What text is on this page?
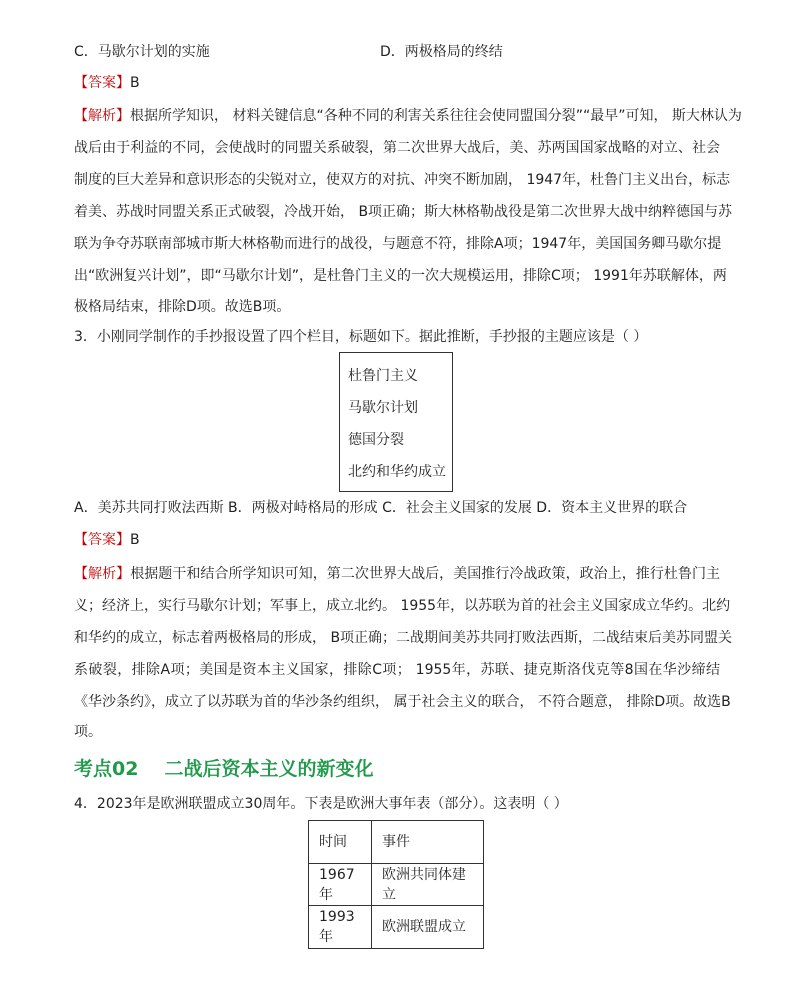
C．马歇尔计划的实施	D．两极格局的终结
【答案】B
【解析】根据所学知识， 材料关键信息“各种不同的利害关系往往会使同盟国分裂”“最早”可知， 斯大林认为
战后由于利益的不同，会使战时的同盟关系破裂，第二次世界大战后，美、苏两国国家战略的对立、社会
制度的巨大差异和意识形态的尖锐对立，使双方的对抗、冲突不断加剧， 1947年，杜鲁门主义出台，标志
着美、苏战时同盟关系正式破裂，冷战开始， B项正确；斯大林格勒战役是第二次世界大战中纳粹德国与苏
联为争夺苏联南部城市斯大林格勒而进行的战役，与题意不符，排除A项；1947年，美国国务卿马歇尔提
出“欧洲复兴计划”，即“马歇尔计划”，是杜鲁门主义的一次大规模运用，排除C项； 1991年苏联解体，两
极格局结束，排除D项。故选B项。
3．小刚同学制作的手抄报设置了四个栏目，标题如下。据此推断，手抄报的主题应该是（ ）
杜鲁门主义
马歇尔计划
德国分裂
北约和华约成立
A．美苏共同打败法西斯 B．两极对峙格局的形成 C．社会主义国家的发展 D．资本主义世界的联合
【答案】B
【解析】根据题干和结合所学知识可知，第二次世界大战后，美国推行冷战政策，政治上，推行杜鲁门主
义；经济上，实行马歇尔计划；军事上，成立北约。 1955年，以苏联为首的社会主义国家成立华约。北约
和华约的成立，标志着两极格局的形成， B项正确；二战期间美苏共同打败法西斯，二战结束后美苏同盟关
系破裂，排除A项；美国是资本主义国家，排除C项； 1955年，苏联、捷克斯洛伐克等8国在华沙缔结
《华沙条约》，成立了以苏联为首的华沙条约组织， 属于社会主义的联合， 不符合题意， 排除D项。故选B
项。
考点02 二战后资本主义的新变化
4．2023年是欧洲联盟成立30周年。下表是欧洲大事年表（部分）。这表明（ ）
时间	事件
1967年	欧洲共同体建立
1993年	欧洲联盟成立
